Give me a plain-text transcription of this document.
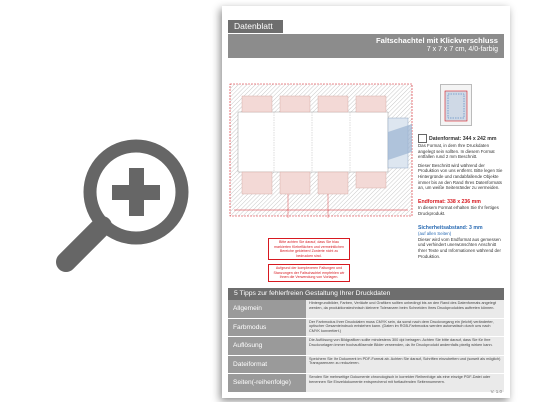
Datenblatt
Faltschachtel mit Klickverschluss
7 x 7 x 7 cm, 4/0-farbig
Datenformat: 344 x 242 mm
Das Format, in dem Ihre Druckdaten angelegt sein sollten. In diesem Format entfallen rund 2 mm Beschnitt.
Dieser Beschnitt wird während der Produktion von uns entfernt. Bitte legen Sie Hintergründe und randabfallende Objekte immer bis an den Rand Ihres Datenformats an, um weiße Seitenränder zu vermeiden.
Endformat: 338 x 236 mm
In diesem Format erhalten Sie Ihr fertiges Druckprodukt.
Sicherheitsabstand: 3 mm
(auf allen Seiten)
Dieser wird vom Endformat aus gemessen und verhindert unerwünschten Anschnitt Ihrer Texte und Informationen während der Produktion.
Bitte achten Sie darauf, dass Sie blau markierten Klebeflächen und vermeintlichen Bereiche gekleben! Zonierte nicht zu bedrucken sind.
Aufgrund der komplexeren Faltungen und Stanzungen der Faltschachtel empfehlen wir Ihnen die Verwendung von Vorlagen.
5 Tipps zur fehlerfreien Gestaltung Ihrer Druckdaten
Allgemein
Hintergrundbilder, Farben, Verläufe und Grafiken sollten unbedingt bis an den Rand des Datenformats angelegt werden, da produktionstechnisch kleinere Toleranzen beim Schneiden Ihres Druckproduktes auftreten können.
Farbmodus
Der Farbmodus Ihrer Druckdaten muss CMYK sein, da sonst nach dem Druckvorgang ein (leicht) veränderter, optischer Gesamteindruck entstehen kann. (Daten im RGB-Farbmodus werden automatisch durch uns nach CMYK konvertiert.)
Auflösung
Die Auflösung von Bildgrafiken sollte mindestens 300 dpi betragen. Achten Sie bitte darauf, dass Sie für Ihre Druckvorlagen immer hochauflösende Bilder verwenden, da Ihr Druckprodukt andernfalls pixelig wirken kann.
Dateiformat
Speichern Sie Ihr Dokument im PDF-Format ab. Achten Sie darauf, Schriften einzubetten und (soweit als möglich) Transparenzen zu reduzieren.
Seiten(-reihenfolge)
Senden Sie mehrseitige Dokumente chronologisch in korrekter Reihenfolge als eine einzige PDF-Datei oder benennen Sie Einzeldokumente entsprechend mit fortlaufenden Seitennummern.
V. 1.0
